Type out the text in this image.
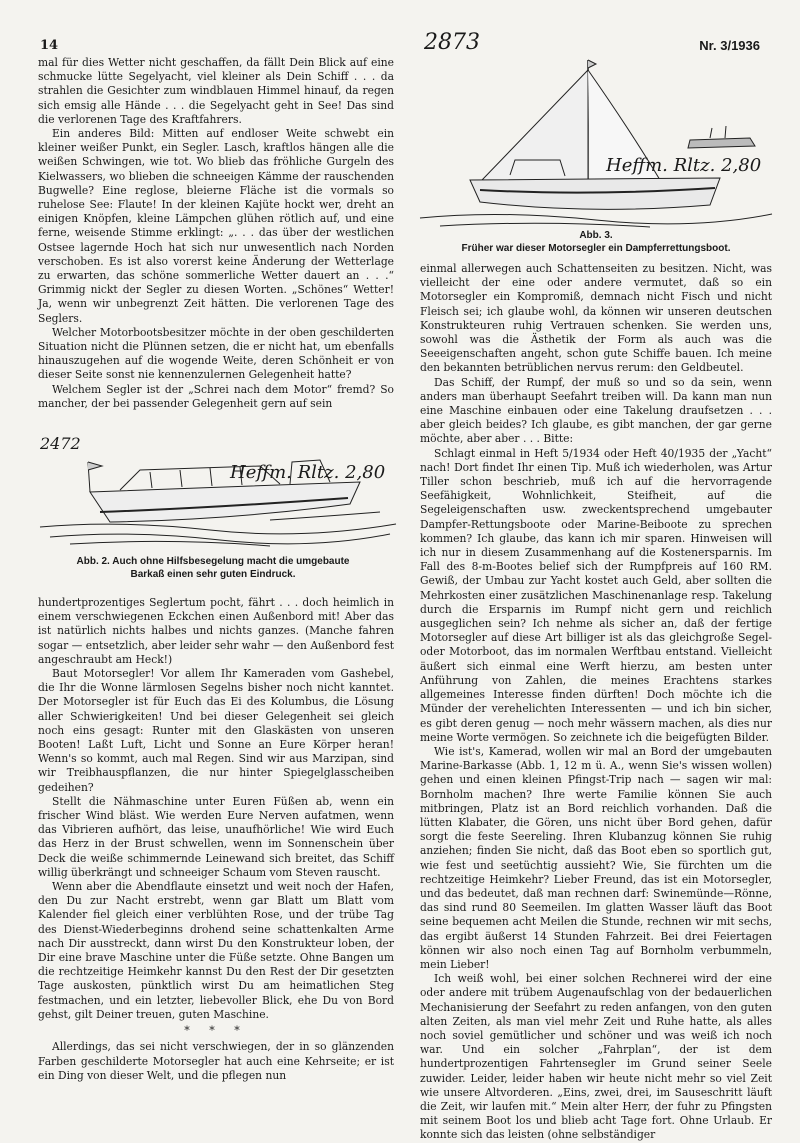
14	Nr. 3/1936

mal für dies Wetter nicht geschaffen, da fällt Dein Blick auf eine schmucke lütte Segelyacht, viel kleiner als Dein Schiff . . . da strahlen die Gesichter zum windblauen Himmel hinauf, da regen sich emsig alle Hände . . . die Segelyacht geht in See! Das sind die verlorenen Tage des Kraftfahrers.

Ein anderes Bild: Mitten auf endloser Weite schwebt ein kleiner weißer Punkt, ein Segler. Lasch, kraftlos hängen alle die weißen Schwingen, wie tot. Wo blieb das fröhliche Gurgeln des Kielwassers, wo blieben die schneeigen Kämme der rauschenden Bugwelle? Eine reglose, bleierne Fläche ist die vormals so ruhelose See: Flaute! In der kleinen Kajüte hockt wer, dreht an einigen Knöpfen, kleine Lämpchen glühen rötlich auf, und eine ferne, weisende Stimme erklingt: „. . . das über der westlichen Ostsee lagernde Hoch hat sich nur unwesentlich nach Norden verschoben. Es ist also vorerst keine Änderung der Wetterlage zu erwarten, das schöne sommerliche Wetter dauert an . . .“ Grimmig nickt der Segler zu diesen Worten. „Schönes“ Wetter! Ja, wenn wir unbegrenzt Zeit hätten. Die verlorenen Tage des Seglers.

Welcher Motorbootsbesitzer möchte in der oben geschilderten Situation nicht die Plünnen setzen, die er nicht hat, um ebenfalls hinauszugehen auf die wogende Weite, deren Schönheit er von dieser Seite sonst nie kennenzulernen Gelegenheit hatte?

Welchem Segler ist der „Schrei nach dem Motor“ fremd? So mancher, der bei passender Gelegenheit gern auf sein

2472
Heffm. Rltz. 2,80
Abb. 2. Auch ohne Hilfsbesegelung macht die umgebaute
Barkaß einen sehr guten Eindruck.

hundertprozentiges Seglertum pocht, fährt . . . doch heimlich in einem verschwiegenen Eckchen einen Außenbord mit! Aber das ist natürlich nichts halbes und nichts ganzes. (Manche fahren sogar — entsetzlich, aber leider sehr wahr — den Außenbord fest angeschraubt am Heck!)

Baut Motorsegler! Vor allem Ihr Kameraden vom Gashebel, die Ihr die Wonne lärmlosen Segelns bisher noch nicht kanntet. Der Motorsegler ist für Euch das Ei des Kolumbus, die Lösung aller Schwierigkeiten! Und bei dieser Gelegenheit sei gleich noch eins gesagt: Runter mit den Glaskästen von unseren Booten! Laßt Luft, Licht und Sonne an Eure Körper heran! Wenn's so kommt, auch mal Regen. Sind wir aus Marzipan, sind wir Treibhauspflanzen, die nur hinter Spiegelglasscheiben gedeihen?

Stellt die Nähmaschine unter Euren Füßen ab, wenn ein frischer Wind bläst. Wie werden Eure Nerven aufatmen, wenn das Vibrieren aufhört, das leise, unaufhörliche! Wie wird Euch das Herz in der Brust schwellen, wenn im Sonnenschein über Deck die weiße schimmernde Leinewand sich breitet, das Schiff willig überkrängt und schneeiger Schaum vom Steven rauscht.

Wenn aber die Abendflaute einsetzt und weit noch der Hafen, den Du zur Nacht erstrebt, wenn gar Blatt um Blatt vom Kalender fiel gleich einer verblühten Rose, und der trübe Tag des Dienst-Wiederbeginns drohend seine schattenkalten Arme nach Dir ausstreckt, dann wirst Du den Konstrukteur loben, der Dir eine brave Maschine unter die Füße setzte. Ohne Bangen um die rechtzeitige Heimkehr kannst Du den Rest der Dir gesetzten Tage auskosten, pünktlich wirst Du am heimatlichen Steg festmachen, und ein letzter, liebevoller Blick, ehe Du von Bord gehst, gilt Deiner treuen, guten Maschine.

* * *

Allerdings, das sei nicht verschwiegen, der in so glänzenden Farben geschilderte Motorsegler hat auch eine Kehrseite; er ist ein Ding von dieser Welt, und die pflegen nun

2873
Heffm. Rltz. 2,80
Abb. 3.
Früher war dieser Motorsegler ein Dampferrettungsboot.

einmal allerwegen auch Schattenseiten zu besitzen. Nicht, was vielleicht der eine oder andere vermutet, daß so ein Motorsegler ein Kompromiß, demnach nicht Fisch und nicht Fleisch sei; ich glaube wohl, da können wir unseren deutschen Konstrukteuren ruhig Vertrauen schenken. Sie werden uns, sowohl was die Ästhetik der Form als auch was die Seeeigenschaften angeht, schon gute Schiffe bauen. Ich meine den bekannten betrüblichen nervus rerum: den Geldbeutel.

Das Schiff, der Rumpf, der muß so und so da sein, wenn anders man überhaupt Seefahrt treiben will. Da kann man nun eine Maschine einbauen oder eine Takelung draufsetzen . . . aber gleich beides? Ich glaube, es gibt manchen, der gar gerne möchte, aber aber . . . Bitte:

Schlagt einmal in Heft 5/1934 oder Heft 40/1935 der „Yacht“ nach! Dort findet Ihr einen Tip. Muß ich wiederholen, was Artur Tiller schon beschrieb, muß ich auf die hervorragende Seefähigkeit, Wohnlichkeit, Steifheit, auf die Segeleigenschaften usw. zweckentsprechend umgebauter Dampfer-Rettungsboote oder Marine-Beiboote zu sprechen kommen? Ich glaube, das kann ich mir sparen. Hinweisen will ich nur in diesem Zusammenhang auf die Kostenersparnis. Im Fall des 8-m-Bootes belief sich der Rumpfpreis auf 160 RM. Gewiß, der Umbau zur Yacht kostet auch Geld, aber sollten die Mehrkosten einer zusätzlichen Maschinenanlage resp. Takelung durch die Ersparnis im Rumpf nicht gern und reichlich ausgeglichen sein? Ich nehme als sicher an, daß der fertige Motorsegler auf diese Art billiger ist als das gleichgroße Segel- oder Motorboot, das im normalen Werftbau entstand. Vielleicht äußert sich einmal eine Werft hierzu, am besten unter Anführung von Zahlen, die meines Erachtens starkes allgemeines Interesse finden dürften! Doch möchte ich die Münder der verehelichten Interessenten — und ich bin sicher, es gibt deren genug — noch mehr wässern machen, als dies nur meine Worte vermögen. So zeichnete ich die beigefügten Bilder.

Wie ist's, Kamerad, wollen wir mal an Bord der umgebauten Marine-Barkasse (Abb. 1, 12 m ü. A., wenn Sie's wissen wollen) gehen und einen kleinen Pfingst-Trip nach — sagen wir mal: Bornholm machen? Ihre werte Familie können Sie auch mitbringen, Platz ist an Bord reichlich vorhanden. Daß die lütten Klabater, die Gören, uns nicht über Bord gehen, dafür sorgt die feste Seereling. Ihren Klubanzug können Sie ruhig anziehen; finden Sie nicht, daß das Boot eben so sportlich gut, wie fest und seetüchtig aussieht? Wie, Sie fürchten um die rechtzeitige Heimkehr? Lieber Freund, das ist ein Motorsegler, und das bedeutet, daß man rechnen darf: Swinemünde—Rönne, das sind rund 80 Seemeilen. Im glatten Wasser läuft das Boot seine bequemen acht Meilen die Stunde, rechnen wir mit sechs, das ergibt äußerst 14 Stunden Fahrzeit. Bei drei Feiertagen können wir also noch einen Tag auf Bornholm verbummeln, mein Lieber!

Ich weiß wohl, bei einer solchen Rechnerei wird der eine oder andere mit trübem Augenaufschlag von der bedauerlichen Mechanisierung der Seefahrt zu reden anfangen, von den guten alten Zeiten, als man viel mehr Zeit und Ruhe hatte, als alles noch soviel gemütlicher und schöner und was weiß ich noch war. Und ein solcher „Fahrplan“, der ist dem hundertprozentigen Fahrtensegler im Grund seiner Seele zuwider. Leider, leider haben wir heute nicht mehr so viel Zeit wie unsere Altvorderen. „Eins, zwei, drei, im Sauseschritt läuft die Zeit, wir laufen mit.“ Mein alter Herr, der fuhr zu Pfingsten mit seinem Boot los und blieb acht Tage fort. Ohne Urlaub. Er konnte sich das leisten (ohne selbständiger
